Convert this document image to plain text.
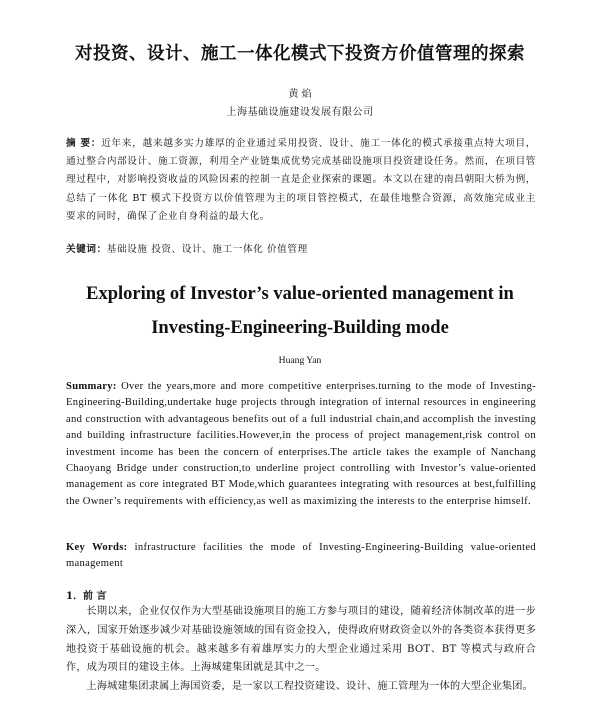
对投资、设计、施工一体化模式下投资方价值管理的探索
黄 焰
上海基础设施建设发展有限公司
摘 要：近年来，越来越多实力雄厚的企业通过采用投资、设计、施工一体化的模式承接重点特大项目，通过整合内部设计、施工资源，利用全产业链集成优势完成基础设施项目投资建设任务。然而，在项目管理过程中，对影响投资收益的风险因素的控制一直是企业探索的课题。本文以在建的南昌朝阳大桥为例，总结了一体化 BT 模式下投资方以价值管理为主的项目管控模式，在最佳地整合资源，高效施完成业主要求的同时，确保了企业自身利益的最大化。
关键词：基础设施 投资、设计、施工一体化 价值管理
Exploring of Investor’s value-oriented management in
Investing-Engineering-Building mode
Huang Yan
Summary: Over the years,more and more competitive enterprises.turning to the mode of Investing-Engineering-Building,undertake huge projects through integration of internal resources in engineering and construction with advantageous benefits out of a full industrial chain,and accomplish the investing and building infrastructure facilities.However,in the process of project management,risk control on investment income has been the concern of enterprises.The article takes the example of Nanchang Chaoyang Bridge under construction,to underline project controlling with Investor’s value-oriented management as core integrated BT Mode,which guarantees integrating with resources at best,fulfilling the Owner’s requirements with efficiency,as well as maximizing the interests to the enterprise himself.
Key Words: infrastructure facilities the mode of Investing-Engineering-Building value-oriented management
1．前 言

长期以来，企业仅仅作为大型基础设施项目的施工方参与项目的建设，随着经济体制改革的进一步深入，国家开始逐步减少对基础设施领域的国有资金投入，使得政府财政资金以外的各类资本获得更多地投资于基础设施的机会。越来越多有着雄厚实力的大型企业通过采用 BOT、BT 等模式与政府合作，成为项目的建设主体。上海城建集团就是其中之一。

上海城建集团隶属上海国资委，是一家以工程投资建设、设计、施工管理为一体的大型企业集团。
